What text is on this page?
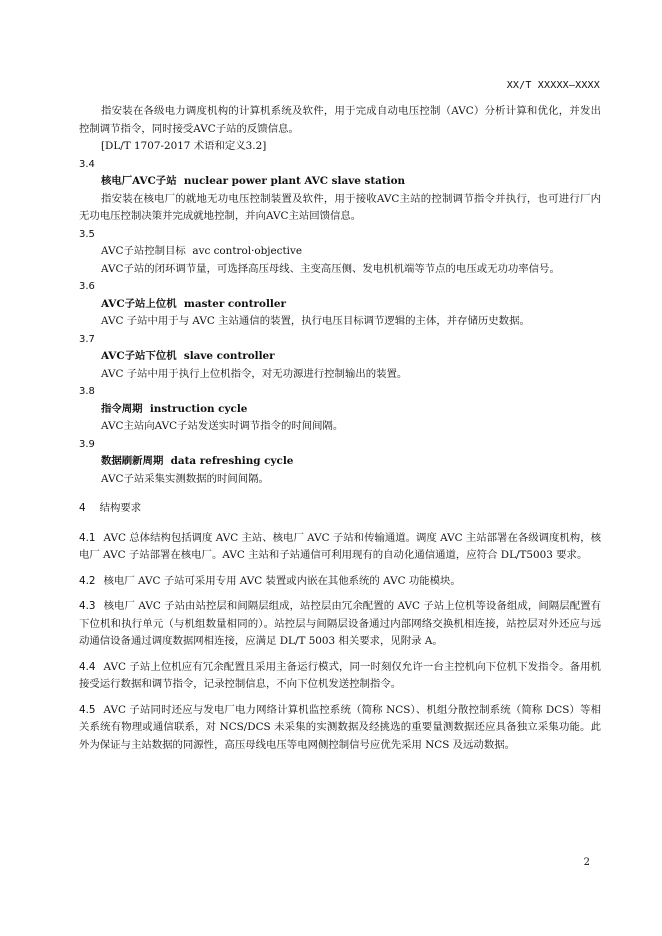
XX/T XXXXX—XXXX

指安装在各级电力调度机构的计算机系统及软件，用于完成自动电压控制（AVC）分析计算和优化，并发出控制调节指令，同时接受AVC子站的反馈信息。

[DL/T 1707-2017 术语和定义3.2]

3.4

核电厂AVC子站 nuclear power plant AVC slave station

指安装在核电厂的就地无功电压控制装置及软件，用于接收AVC主站的控制调节指令并执行，也可进行厂内无功电压控制决策并完成就地控制，并向AVC主站回馈信息。

3.5

AVC子站控制目标 avc control·objective

AVC子站的闭环调节量，可选择高压母线、主变高压侧、发电机机端等节点的电压或无功功率信号。

3.6

AVC子站上位机 master controller

AVC 子站中用于与 AVC 主站通信的装置，执行电压目标调节逻辑的主体，并存储历史数据。

3.7

AVC子站下位机 slave controller

AVC 子站中用于执行上位机指令，对无功源进行控制输出的装置。

3.8

指令周期 instruction cycle

AVC主站向AVC子站发送实时调节指令的时间间隔。

3.9

数据刷新周期 data refreshing cycle

AVC子站采集实测数据的时间间隔。

4 结构要求

4.1 AVC 总体结构包括调度 AVC 主站、核电厂 AVC 子站和传输通道。调度 AVC 主站部署在各级调度机构，核电厂 AVC 子站部署在核电厂。AVC 主站和子站通信可利用现有的自动化通信通道，应符合 DL/T5003 要求。

4.2 核电厂 AVC 子站可采用专用 AVC 装置或内嵌在其他系统的 AVC 功能模块。

4.3 核电厂 AVC 子站由站控层和间隔层组成，站控层由冗余配置的 AVC 子站上位机等设备组成，间隔层配置有下位机和执行单元（与机组数量相同的）。站控层与间隔层设备通过内部网络交换机相连接，站控层对外还应与远动通信设备通过调度数据网相连接，应满足 DL/T 5003 相关要求，见附录 A。

4.4 AVC 子站上位机应有冗余配置且采用主备运行模式，同一时刻仅允许一台主控机向下位机下发指令。备用机接受运行数据和调节指令，记录控制信息，不向下位机发送控制指令。

4.5 AVC 子站同时还应与发电厂电力网络计算机监控系统（简称 NCS）、机组分散控制系统（简称 DCS）等相关系统有物理或通信联系，对 NCS/DCS 未采集的实测数据及经挑选的重要量测数据还应具备独立采集功能。此外为保证与主站数据的同源性，高压母线电压等电网侧控制信号应优先采用 NCS 及远动数据。

2
